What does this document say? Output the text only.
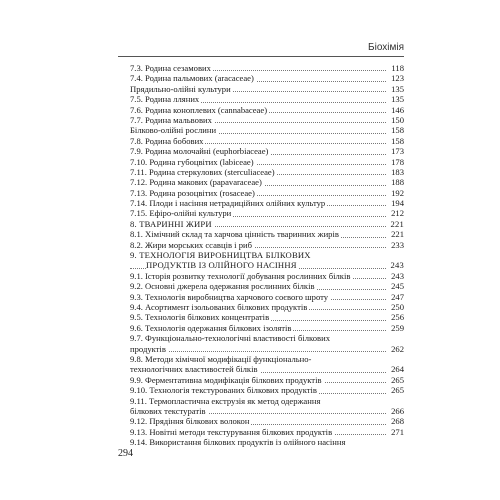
Біохімія
7.3. Родина сезамових	118
7.4. Родина пальмових (aracaceae)	123
Прядильно-олійні культури	135
7.5. Родина лляних	135
7.6. Родина коноплевих (cannabaceae)	146
7.7. Родина мальвових	150
Білково-олійні рослини	158
7.8. Родина бобових	158
7.9. Родина молочайні (euphorbiaceae)	173
7.10. Родина губоцвітих (labiceae)	178
7.11. Родина стеркулових (sterculiaceae)	183
7.12. Родина макових (papavaraceae)	188
7.13. Родина розоцвітих (rosaceae)	192
7.14. Плоди і насіння нетрадиційних олійних культур	194
7.15. Ефіро-олійні культури	212
8. ТВАРИННІ ЖИРИ	221
8.1. Хімічний склад та харчова цінність тваринних жирів	221
8.2. Жири морських ссавців і риб	233
9. ТЕХНОЛОГІЯ ВИРОБНИЦТВА БІЛКОВИХ
ПРОДУКТІВ ІЗ ОЛІЙНОГО НАСІННЯ	243
9.1. Історія розвитку технології добування рослинних білків	243
9.2. Основні джерела одержання рослинних білків	245
9.3. Технологія виробництва харчового соєвого шроту	247
9.4. Асортимент ізольованих білкових продуктів	250
9.5. Технологія білкових концентратів	256
9.6. Технологія одержання білкових ізолятів	259
9.7. Функціонально-технологічні властивості білкових
продуктів	262
9.8. Методи хімічної модифікації функціонально-
технологічних властивостей білків	264
9.9. Ферментативна модифікація білкових продуктів	265
9.10. Технологія текстурованих білкових продуктів	265
9.11. Термопластична екструзія як метод одержання
білкових текстуратів	266
9.12. Прядіння білкових волокон	268
9.13. Новітні методи текстурування білкових продуктів	271
9.14. Використання білкових продуктів із олійного насіння
294
